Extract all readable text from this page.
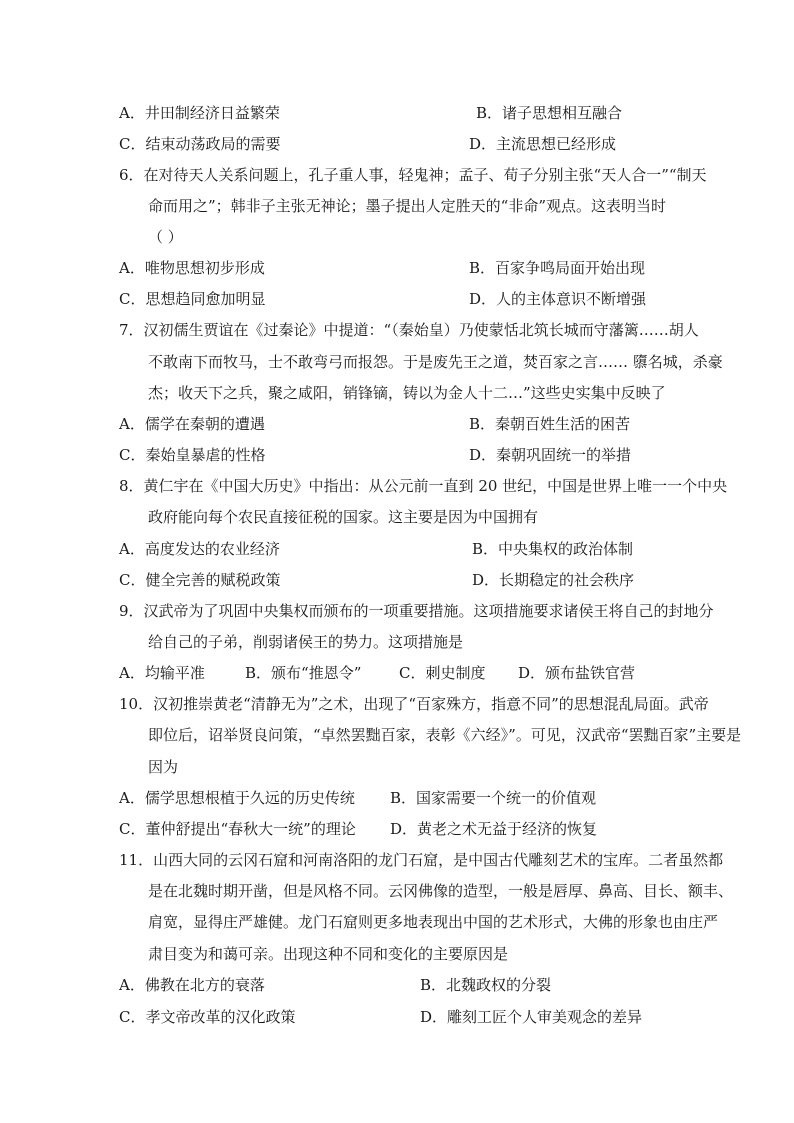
A．井田制经济日益繁荣	B．诸子思想相互融合
C．结束动荡政局的需要	D．主流思想已经形成
6．在对待天人关系问题上，孔子重人事，轻鬼神；孟子、荀子分别主张“天人合一”“制天
命而用之”；韩非子主张无神论；墨子提出人定胜天的“非命”观点。这表明当时
（ ）
A．唯物思想初步形成	B．百家争鸣局面开始出现
C．思想趋同愈加明显	D．人的主体意识不断增强
7．汉初儒生贾谊在《过秦论》中提道：“（秦始皇）乃使蒙恬北筑长城而守藩篱……胡人
不敢南下而牧马，士不敢弯弓而报怨。于是废先王之道，焚百家之言…… 隳名城，杀豪
杰；收天下之兵，聚之咸阳，销锋镝，铸以为金人十二…”这些史实集中反映了
A．儒学在秦朝的遭遇	B．秦朝百姓生活的困苦
C．秦始皇暴虐的性格	D．秦朝巩固统一的举措
8．黄仁宇在《中国大历史》中指出：从公元前一直到 20 世纪，中国是世界上唯一一个中央
政府能向每个农民直接征税的国家。这主要是因为中国拥有
A．高度发达的农业经济	B．中央集权的政治体制
C．健全完善的赋税政策	D．长期稳定的社会秩序
9．汉武帝为了巩固中央集权而颁布的一项重要措施。这项措施要求诸侯王将自己的封地分
给自己的子弟，削弱诸侯王的势力。这项措施是
A．均输平准	B．颁布“推恩令”	C．刺史制度 D．颁布盐铁官营
10．汉初推崇黄老“清静无为”之术，出现了“百家殊方，指意不同”的思想混乱局面。武帝
即位后，诏举贤良问策，“卓然罢黜百家，表彰《六经》”。可见，汉武帝“罢黜百家”主要是
因为
A．儒学思想根植于久远的历史传统 B．国家需要一个统一的价值观
C．董仲舒提出“春秋大一统”的理论 D．黄老之术无益于经济的恢复
11．山西大同的云冈石窟和河南洛阳的龙门石窟，是中国古代雕刻艺术的宝库。二者虽然都
是在北魏时期开凿，但是风格不同。云冈佛像的造型，一般是唇厚、鼻高、目长、额丰、
肩宽，显得庄严雄健。龙门石窟则更多地表现出中国的艺术形式，大佛的形象也由庄严
肃目变为和蔼可亲。出现这种不同和变化的主要原因是
A．佛教在北方的衰落	B．北魏政权的分裂
C．孝文帝改革的汉化政策	D．雕刻工匠个人审美观念的差异
